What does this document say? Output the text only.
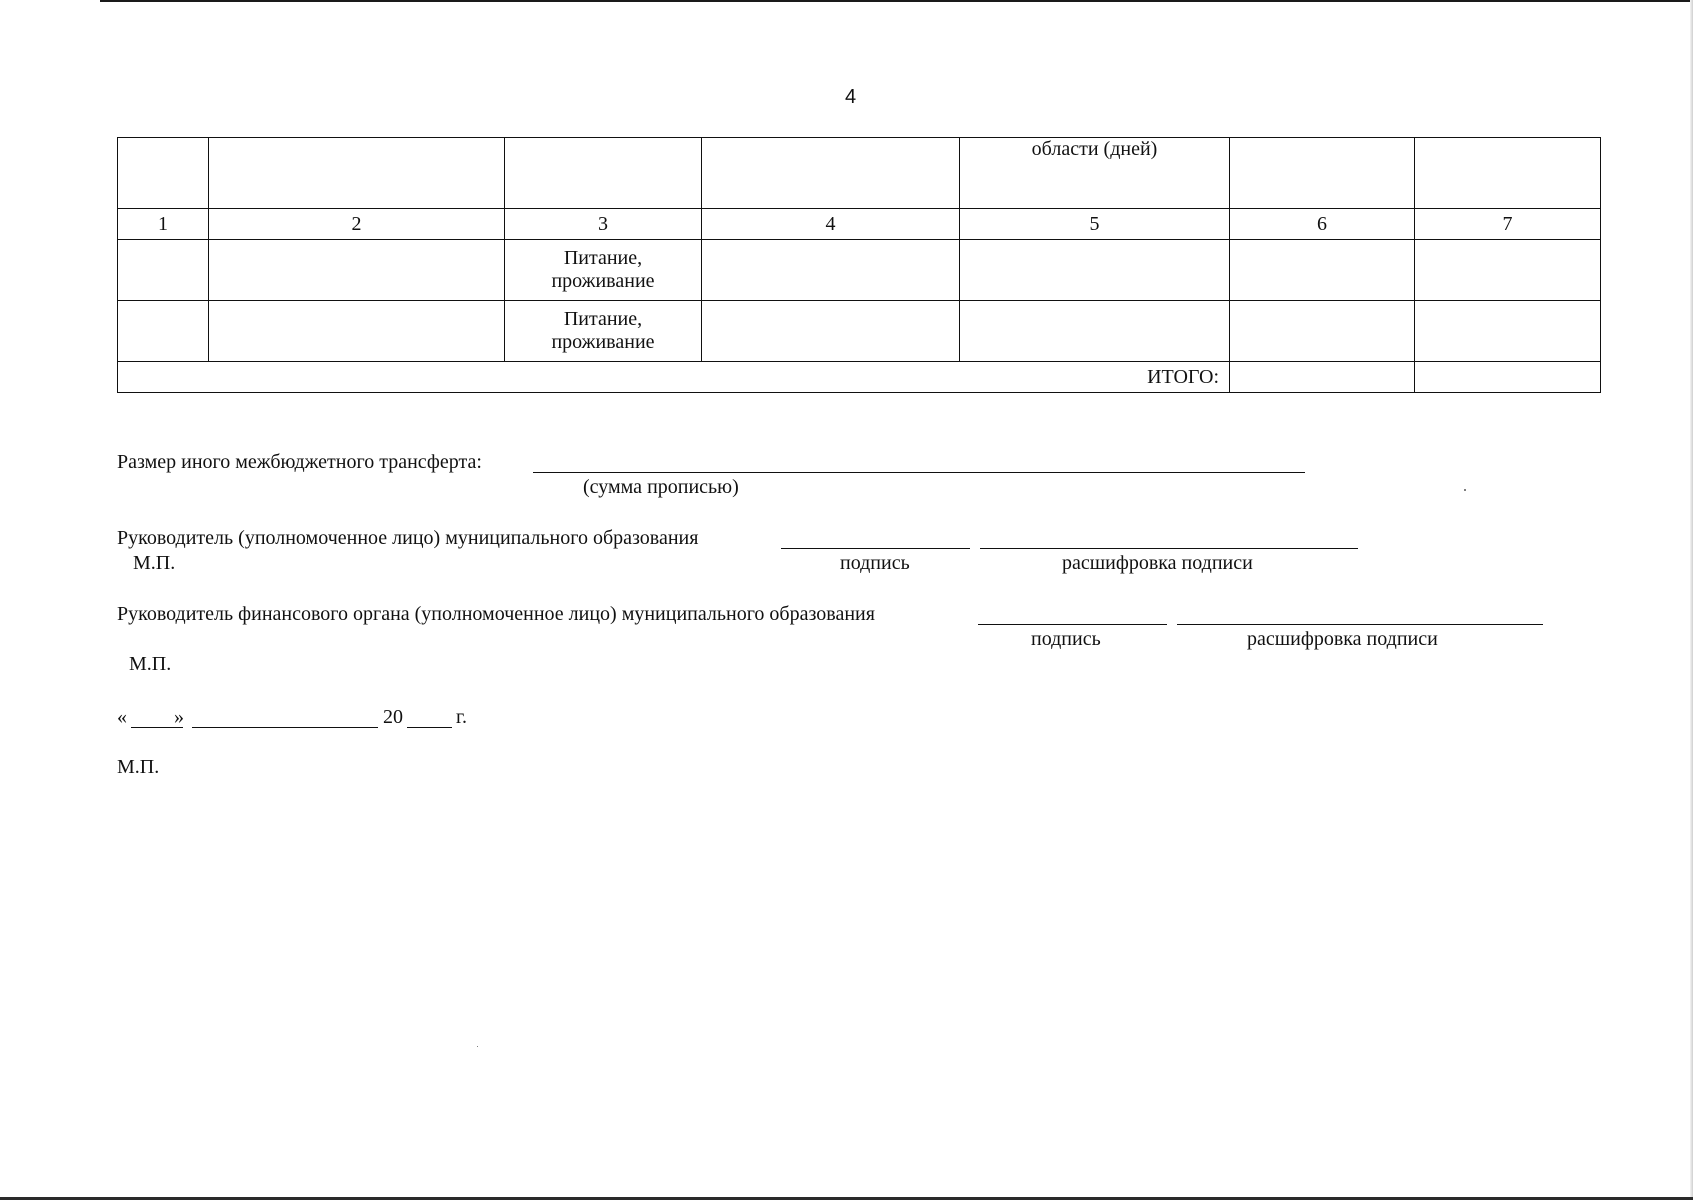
4
				области (дней)		
1	2	3	4	5	6	7

		Питание,
проживание				

		Питание,
проживание				

ИТОГО:						
Размер иного межбюджетного трансферта:
(сумма прописью)
Руководитель (уполномоченное лицо) муниципального образования
М.П.	подпись	расшифровка подписи
Руководитель финансового органа (уполномоченное лицо) муниципального образования
подпись	расшифровка подписи
М.П.
« »	20	г.
М.П.
